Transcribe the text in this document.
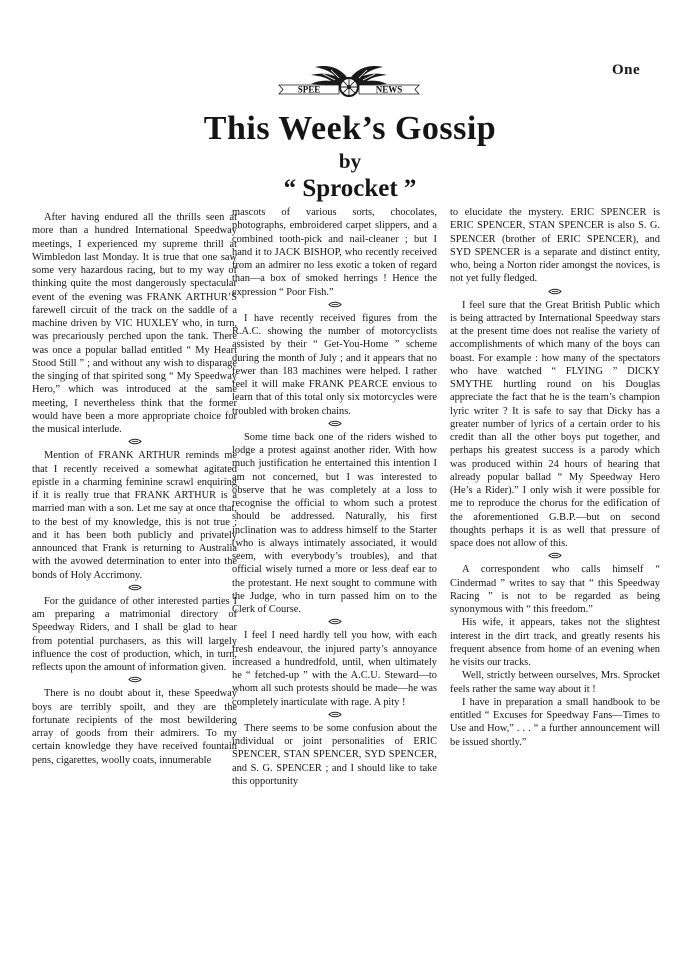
SPEE	NEWS
One
This Week’s Gossip
by
“ Sprocket ”

After having endured all the thrills seen at more than a hundred International Speedway meetings, I experienced my supreme thrill at Wimbledon last Monday. It is true that one saw some very hazardous racing, but to my way of thinking quite the most dangerously spectacular event of the evening was FRANK ARTHUR’S farewell circuit of the track on the saddle of a machine driven by VIC HUXLEY who, in turn, was precariously perched upon the tank. There was once a popular ballad entitled “ My Heart Stood Still ” ; and without any wish to disparage the singing of that spirited song “ My Speedway Hero,” which was introduced at the same meeting, I nevertheless think that the former would have been a more appropriate choice for the musical interlude.

Mention of FRANK ARTHUR reminds me that I recently received a somewhat agitated epistle in a charming feminine scrawl enquiring if it is really true that FRANK ARTHUR is a married man with a son. Let me say at once that, to the best of my knowledge, this is not true ; and it has been both publicly and privately announced that Frank is returning to Australia with the avowed determination to enter into the bonds of Holy Accrimony.

For the guidance of other interested parties I am preparing a matrimonial directory of Speedway Riders, and I shall be glad to hear from potential purchasers, as this will largely influence the cost of production, which, in turn, reflects upon the amount of information given.

There is no doubt about it, these Speedway boys are terribly spoilt, and they are the fortunate recipients of the most bewildering array of goods from their admirers. To my certain knowledge they have received fountain pens, cigarettes, woolly coats, innumerable

mascots of various sorts, chocolates, photographs, embroidered carpet slippers, and a combined tooth-pick and nail-cleaner ; but I hand it to JACK BISHOP, who recently received from an admirer no less exotic a token of regard than—a box of smoked herrings ! Hence the expression “ Poor Fish.”

I have recently received figures from the R.A.C. showing the number of motorcyclists assisted by their “ Get-You-Home ” scheme during the month of July ; and it appears that no fewer than 183 machines were helped. I rather feel it will make FRANK PEARCE envious to learn that of this total only six motorcycles were troubled with broken chains.

Some time back one of the riders wished to lodge a protest against another rider. With how much justification he entertained this intention I am not concerned, but I was interested to observe that he was completely at a loss to recognise the official to whom such a protest should be addressed. Naturally, his first inclination was to address himself to the Starter (who is always intimately associated, it would seem, with everybody’s troubles), and that official wisely turned a more or less deaf ear to the protestant. He next sought to commune with the Judge, who in turn passed him on to the Clerk of Course.

I feel I need hardly tell you how, with each fresh endeavour, the injured party’s annoyance increased a hundredfold, until, when ultimately he “ fetched-up ” with the A.C.U. Steward—to whom all such protests should be made—he was completely inarticulate with rage. A pity !

There seems to be some confusion about the individual or joint personalities of ERIC SPENCER, STAN SPENCER, SYD SPENCER, and S. G. SPENCER ; and I should like to take this opportunity

to elucidate the mystery. ERIC SPENCER is ERIC SPENCER, STAN SPENCER is also S. G. SPENCER (brother of ERIC SPENCER), and SYD SPENCER is a separate and distinct entity, who, being a Norton rider amongst the novices, is not yet fully fledged.

I feel sure that the Great British Public which is being attracted by International Speedway stars at the present time does not realise the variety of accomplishments of which many of the boys can boast. For example : how many of the spectators who have watched “ FLYING ” DICKY SMYTHE hurtling round on his Douglas appreciate the fact that he is the team’s champion lyric writer ? It is safe to say that Dicky has a greater number of lyrics of a certain order to his credit than all the other boys put together, and perhaps his greatest success is a parody which was produced within 24 hours of hearing that already popular ballad “ My Speedway Hero (He’s a Rider).” I only wish it were possible for me to reproduce the chorus for the edification of the aforementioned G.B.P.—but on second thoughts perhaps it is as well that pressure of space does not allow of this.

A correspondent who calls himself “ Cindermad ” writes to say that “ this Speedway Racing ” is not to be regarded as being synonymous with “ this freedom.”

His wife, it appears, takes not the slightest interest in the dirt track, and greatly resents his frequent absence from home of an evening when he visits our tracks.

Well, strictly between ourselves, Mrs. Sprocket feels rather the same way about it !

I have in preparation a small handbook to be entitled “ Excuses for Speedway Fans—Times to Use and How,” . . . “ a further announcement will be issued shortly.”
